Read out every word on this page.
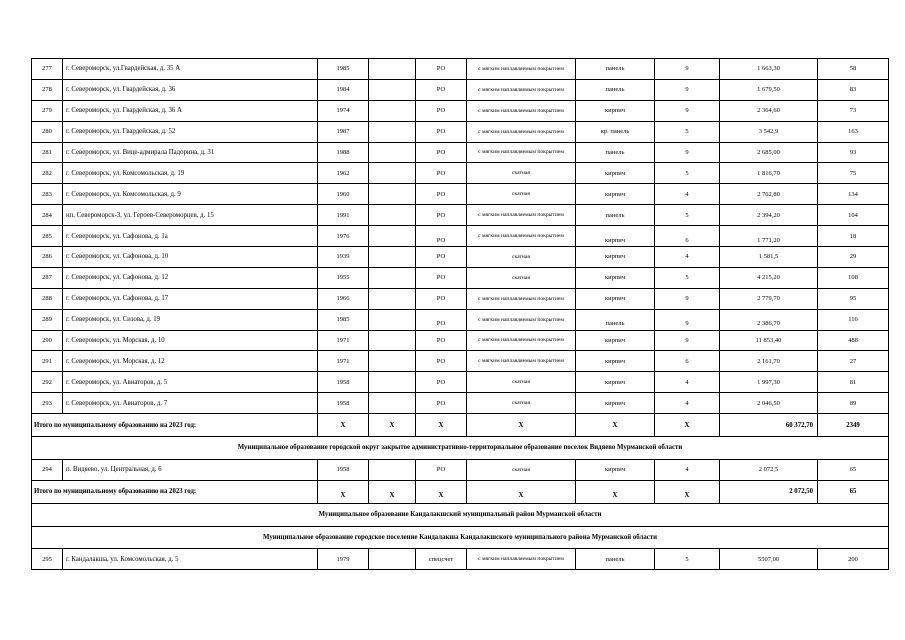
277	г. Североморск, ул.Гвардейская, д. 35 А	1985		РО	с мягким наплавляемым покрытием	панель	9	1 663,30	58
278	г. Североморск, ул. Гвардейская, д. 36	1984		РО	с мягким наплавляемым покрытием	панель	9	1 679,50	83
279	г. Североморск, ул. Гвардейская, д. 36 А	1974		РО	с мягким наплавляемым покрытием	кирпич	9	2 364,60	73
280	г. Североморск, ул. Гвардейская, д. 52	1987		РО	с мягким наплавляемым покрытием	кр. панель	5	3 542,9	163
281	г. Североморск, ул. Вице-адмирала Падорина, д. 31	1988		РО	с мягким наплавляемым покрытием	панель	9	2 685,00	93
282	г. Североморск, ул. Комсомольская, д. 19	1962		РО	скатная	кирпич	5	1 816,70	75
283	г. Североморск, ул. Комсомольская, д. 9	1960		РО	скатная	кирпич	4	2 762,80	134
284	нп. Североморск-3, ул. Героев-Североморцев, д. 15	1991		РО	с мягким наплавляемым покрытием	панель	5	2 394,20	104
285	г. Североморск, ул. Сафонова, д. 1а	1976		РО	с мягким наплавляемым покрытием	кирпич	6	1 771,20	18
286	г. Североморск, ул. Сафонова, д. 10	1939		РО	скатная	кирпич	4	1 581,5	29
287	г. Североморск, ул. Сафонова, д. 12	1955		РО	скатная	кирпич	5	4 215,20	108
288	г. Североморск, ул. Сафонова, д. 17	1966		РО	с мягким наплавляемым покрытием	кирпич	9	2 779,70	95
289	г. Североморск, ул. Сизова, д. 19	1985		РО	с мягким наплавляемым покрытием	панель	9	2 386,70	116
290	г. Североморск, ул. Морская, д. 10	1971		РО	с мягким наплавляемым покрытием	кирпич	9	11 853,40	488
291	г. Североморск, ул. Морская, д. 12	1971		РО	с мягким наплавляемым покрытием	кирпич	6	2 161,70	27
292	г. Североморск, ул. Авиаторов, д. 5	1958		РО	скатная	кирпич	4	1 997,30	81
293	г. Североморск, ул. Авиаторов, д. 7	1958		РО	скатная	кирпич	4	2 046,50	89
Итого по муниципальному образованию на 2023 год:		X	X	X	X	X	X	60 372,70	2349
Муниципальное образование городской округ закрытое административно-территориальное образование поселок Видяево Мурманской области									
294	п. Видяево, ул. Центральная, д. 6	1958		РО	скатная	кирпич	4	2 072,5	65
Итого по муниципальному образованию на 2023 год:		X	X	X	X	X	X	2 072,50	65
Муниципальное образование Кандалакшский муниципальный район Мурманской области									
Муниципальное образование городское поселение Кандалакша Кандалакшского муниципального района Мурманской области									
295	г. Кандалакша, ул. Комсомольская, д. 5	1979		спецсчет	с мягким наплавляемым покрытием	панель	5	5507,00	200
